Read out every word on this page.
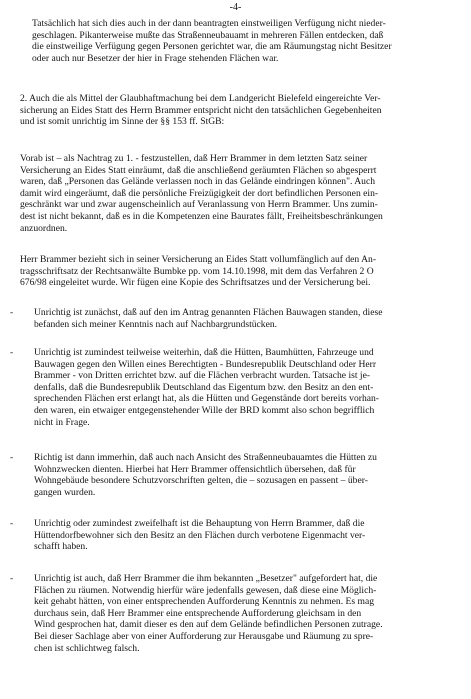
-4-
Tatsächlich hat sich dies auch in der dann beantragten einstweiligen Verfügung nicht nieder-
geschlagen. Pikanterweise mußte das Straßenneubauamt in mehreren Fällen entdecken, daß
die einstweilige Verfügung gegen Personen gerichtet war, die am Räumungstag nicht Besitzer
oder auch nur Besetzer der hier in Frage stehenden Flächen war.
2. Auch die als Mittel der Glaubhaftmachung bei dem Landgericht Bielefeld eingereichte Ver-
sicherung an Eides Statt des Herrn Brammer entspricht nicht den tatsächlichen Gegebenheiten
und ist somit unrichtig im Sinne der §§ 153 ff. StGB:
Vorab ist – als Nachtrag zu 1. - festzustellen, daß Herr Brammer in dem letzten Satz seiner
Versicherung an Eides Statt einräumt, daß die anschließend geräumten Flächen so abgesperrt
waren, daß „Personen das Gelände verlassen noch in das Gelände eindringen können". Auch
damit wird eingeräumt, daß die persönliche Freizügigkeit der dort befindlichen Personen ein-
geschränkt war und zwar augenscheinlich auf Veranlassung von Herrn Brammer. Uns zumin-
dest ist nicht bekannt, daß es in die Kompetenzen eine Baurates fällt, Freiheitsbeschränkungen
anzuordnen.
Herr Brammer bezieht sich in seiner Versicherung an Eides Statt vollumfänglich auf den An-
tragsschriftsatz der Rechtsanwälte Bumbke pp. vom 14.10.1998, mit dem das Verfahren 2 O
676/98 eingeleitet wurde. Wir fügen eine Kopie des Schriftsatzes und der Versicherung bei.
-	Unrichtig ist zunächst, daß auf den im Antrag genannten Flächen Bauwagen standen, diese
befanden sich meiner Kenntnis nach auf Nachbargrundstücken.
-	Unrichtig ist zumindest teilweise weiterhin, daß die Hütten, Baumhütten, Fahrzeuge und
Bauwagen gegen den Willen eines Berechtigten - Bundesrepublik Deutschland oder Herr
Brammer - von Dritten errichtet bzw. auf die Flächen verbracht wurden. Tatsache ist je-
denfalls, daß die Bundesrepublik Deutschland das Eigentum bzw. den Besitz an den ent-
sprechenden Flächen erst erlangt hat, als die Hütten und Gegenstände dort bereits vorhan-
den waren, ein etwaiger entgegenstehender Wille der BRD kommt also schon begrifflich
nicht in Frage.
-	Richtig ist dann immerhin, daß auch nach Ansicht des Straßenneubauamtes die Hütten zu
Wohnzwecken dienten. Hierbei hat Herr Brammer offensichtlich übersehen, daß für
Wohngebäude besondere Schutzvorschriften gelten, die – sozusagen en passent – über-
gangen wurden.
-	Unrichtig oder zumindest zweifelhaft ist die Behauptung von Herrn Brammer, daß die
Hüttendorfbewohner sich den Besitz an den Flächen durch verbotene Eigenmacht ver-
schafft haben.
-	Unrichtig ist auch, daß Herr Brammer die ihm bekannten „Besetzer" aufgefordert hat, die
Flächen zu räumen. Notwendig hierfür wäre jedenfalls gewesen, daß diese eine Möglich-
keit gehabt hätten, von einer entsprechenden Aufforderung Kenntnis zu nehmen. Es mag
durchaus sein, daß Herr Brammer eine entsprechende Aufforderung gleichsam in den
Wind gesprochen hat, damit dieser es den auf dem Gelände befindlichen Personen zutrage.
Bei dieser Sachlage aber von einer Aufforderung zur Herausgabe und Räumung zu spre-
chen ist schlichtweg falsch.
